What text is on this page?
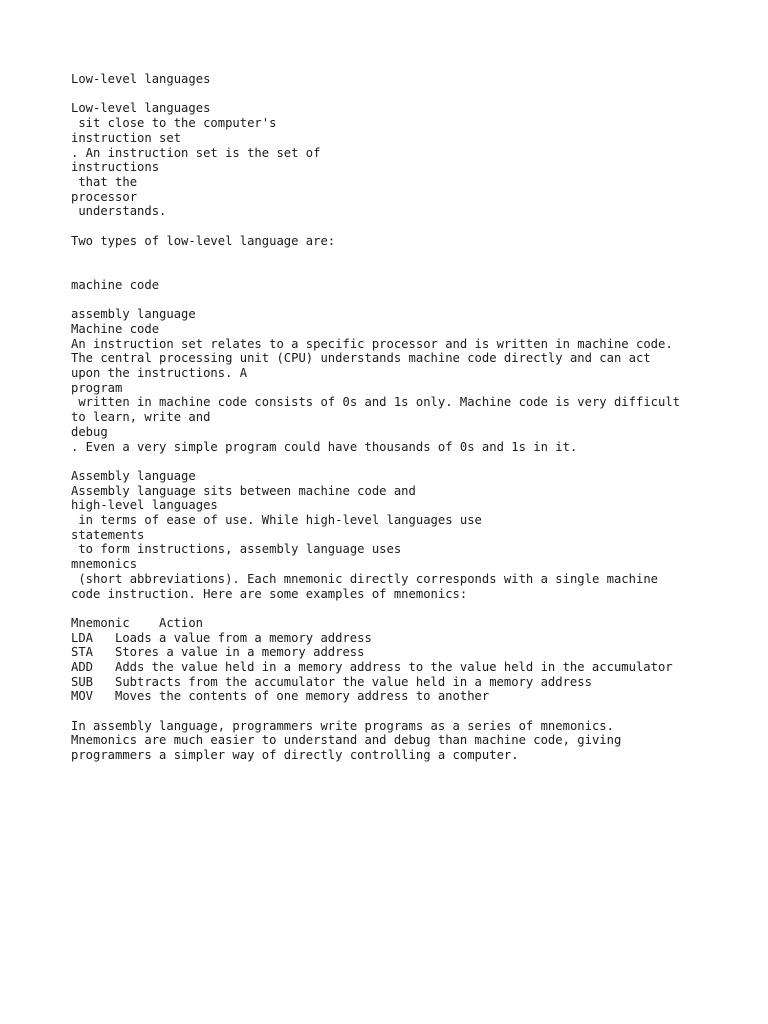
Low-level languages
Low-level languages
sit close to the computer's
instruction set
. An instruction set is the set of
instructions
that the
processor
understands.
Two types of low-level language are:
machine code
assembly language
Machine code
An instruction set relates to a specific processor and is written in machine code.
The central processing unit (CPU) understands machine code directly and can act
upon the instructions. A
program
written in machine code consists of 0s and 1s only. Machine code is very difficult
to learn, write and
debug
. Even a very simple program could have thousands of 0s and 1s in it.
Assembly language
Assembly language sits between machine code and
high-level languages
in terms of ease of use. While high-level languages use
statements
to form instructions, assembly language uses
mnemonics
(short abbreviations). Each mnemonic directly corresponds with a single machine
code instruction. Here are some examples of mnemonics:
Mnemonic Action
LDA Loads a value from a memory address
STA Stores a value in a memory address
ADD Adds the value held in a memory address to the value held in the accumulator
SUB Subtracts from the accumulator the value held in a memory address
MOV Moves the contents of one memory address to another
In assembly language, programmers write programs as a series of mnemonics.
Mnemonics are much easier to understand and debug than machine code, giving
programmers a simpler way of directly controlling a computer.
